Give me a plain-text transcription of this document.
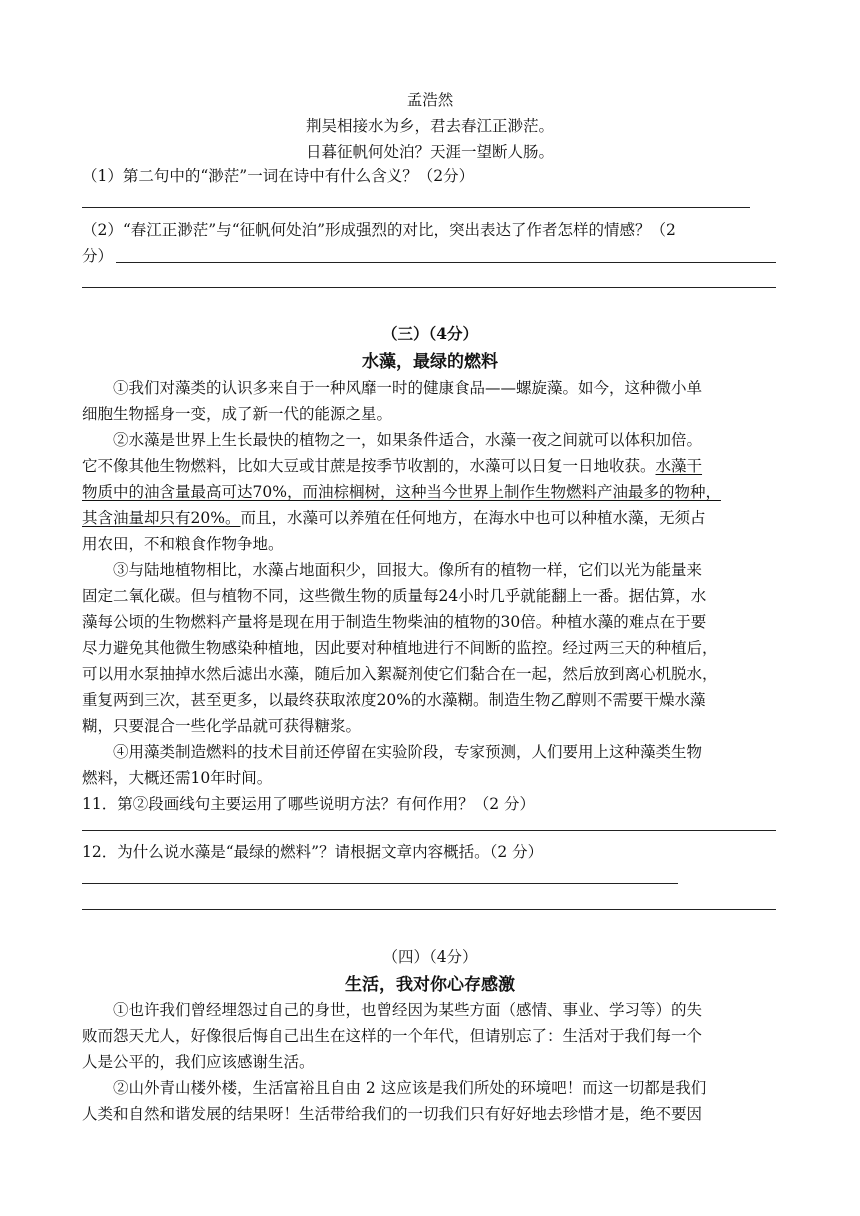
孟浩然
荆吴相接水为乡，君去春江正渺茫。
日暮征帆何处泊？天涯一望断人肠。
（1）第二句中的“渺茫”一词在诗中有什么含义？（2分）
（2）“春江正渺茫”与“征帆何处泊”形成强烈的对比，突出表达了作者怎样的情感？（2
分）
（三）（4分）
水藻，最绿的燃料
①我们对藻类的认识多来自于一种风靡一时的健康食品——螺旋藻。如今，这种微小单
细胞生物摇身一变，成了新一代的能源之星。
②水藻是世界上生长最快的植物之一，如果条件适合，水藻一夜之间就可以体积加倍。
它不像其他生物燃料，比如大豆或甘蔗是按季节收割的，水藻可以日复一日地收获。水藻干
物质中的油含量最高可达70%，而油棕榈树，这种当今世界上制作生物燃料产油最多的物种，
其含油量却只有20%。而且，水藻可以养殖在任何地方，在海水中也可以种植水藻，无须占
用农田，不和粮食作物争地。
③与陆地植物相比，水藻占地面积少，回报大。像所有的植物一样，它们以光为能量来
固定二氧化碳。但与植物不同，这些微生物的质量每24小时几乎就能翻上一番。据估算，水
藻每公顷的生物燃料产量将是现在用于制造生物柴油的植物的30倍。种植水藻的难点在于要
尽力避免其他微生物感染种植地，因此要对种植地进行不间断的监控。经过两三天的种植后，
可以用水泵抽掉水然后滤出水藻，随后加入絮凝剂使它们黏合在一起，然后放到离心机脱水，
重复两到三次，甚至更多，以最终获取浓度20%的水藻糊。制造生物乙醇则不需要干燥水藻
糊，只要混合一些化学品就可获得糖浆。
④用藻类制造燃料的技术目前还停留在实验阶段，专家预测，人们要用上这种藻类生物
燃料，大概还需10年时间。
11．第②段画线句主要运用了哪些说明方法？有何作用？（2 分）
12．为什么说水藻是“最绿的燃料”？请根据文章内容概括。（2 分）
（四）（4分）
生活，我对你心存感激
①也许我们曾经埋怨过自己的身世，也曾经因为某些方面（感情、事业、学习等）的失
败而怨天尤人，好像很后悔自己出生在这样的一个年代，但请别忘了：生活对于我们每一个
人是公平的，我们应该感谢生活。
②山外青山楼外楼，生活富裕且自由 2 这应该是我们所处的环境吧！而这一切都是我们
人类和自然和谐发展的结果呀！生活带给我们的一切我们只有好好地去珍惜才是，绝不要因
